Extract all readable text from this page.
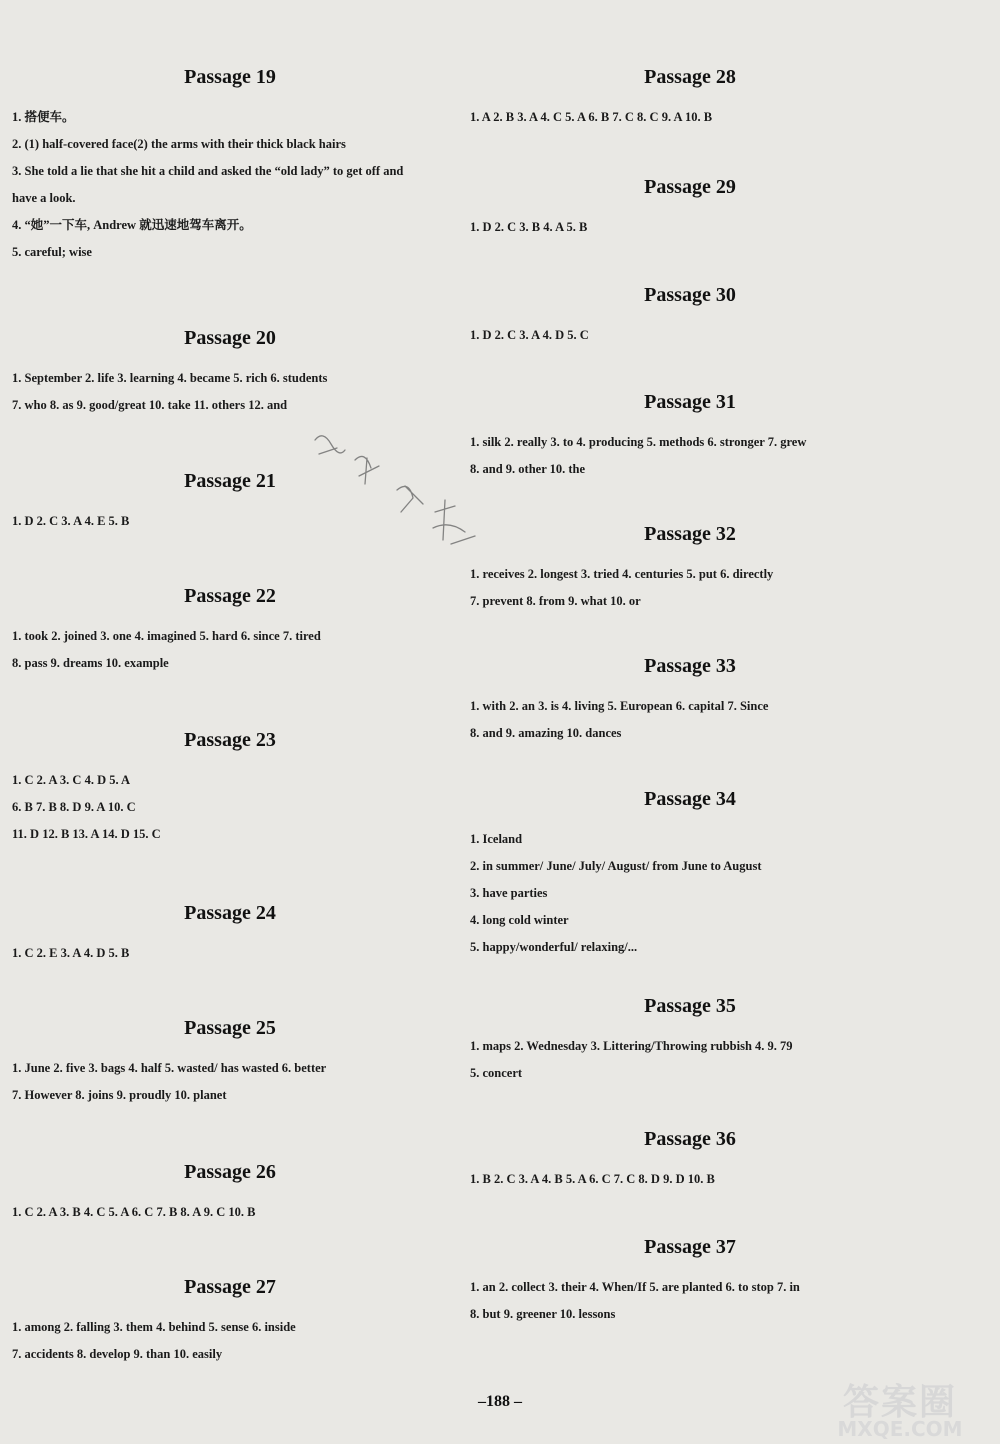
Passage 19
1. 搭便车。
2. (1) half-covered face(2) the arms with their thick black hairs
3. She told a lie that she hit a child and asked the “old lady” to get off and
have a look.
4. “她”一下车, Andrew 就迅速地驾车离开。
5. careful; wise
Passage 20
1. September 2. life 3. learning 4. became 5. rich 6. students
7. who 8. as 9. good/great 10. take 11. others 12. and
Passage 21
1. D 2. C 3. A 4. E 5. B
Passage 22
1. took 2. joined 3. one 4. imagined 5. hard 6. since 7. tired
8. pass 9. dreams 10. example
Passage 23
1. C 2. A 3. C 4. D 5. A
6. B 7. B 8. D 9. A 10. C
11. D 12. B 13. A 14. D 15. C
Passage 24
1. C 2. E 3. A 4. D 5. B
Passage 25
1. June 2. five 3. bags 4. half 5. wasted/ has wasted 6. better
7. However 8. joins 9. proudly 10. planet
Passage 26
1. C 2. A 3. B 4. C 5. A 6. C 7. B 8. A 9. C 10. B
Passage 27
1. among 2. falling 3. them 4. behind 5. sense 6. inside
7. accidents 8. develop 9. than 10. easily
Passage 28
1. A 2. B 3. A 4. C 5. A 6. B 7. C 8. C 9. A 10. B
Passage 29
1. D 2. C 3. B 4. A 5. B
Passage 30
1. D 2. C 3. A 4. D 5. C
Passage 31
1. silk 2. really 3. to 4. producing 5. methods 6. stronger 7. grew
8. and 9. other 10. the
Passage 32
1. receives 2. longest 3. tried 4. centuries 5. put 6. directly
7. prevent 8. from 9. what 10. or
Passage 33
1. with 2. an 3. is 4. living 5. European 6. capital 7. Since
8. and 9. amazing 10. dances
Passage 34
1. Iceland
2. in summer/ June/ July/ August/ from June to August
3. have parties
4. long cold winter
5. happy/wonderful/ relaxing/...
Passage 35
1. maps 2. Wednesday 3. Littering/Throwing rubbish 4. 9. 79
5. concert
Passage 36
1. B 2. C 3. A 4. B 5. A 6. C 7. C 8. D 9. D 10. B
Passage 37
1. an 2. collect 3. their 4. When/If 5. are planted 6. to stop 7. in
8. but 9. greener 10. lessons
–188 –	答案圈
MXQE.COM
